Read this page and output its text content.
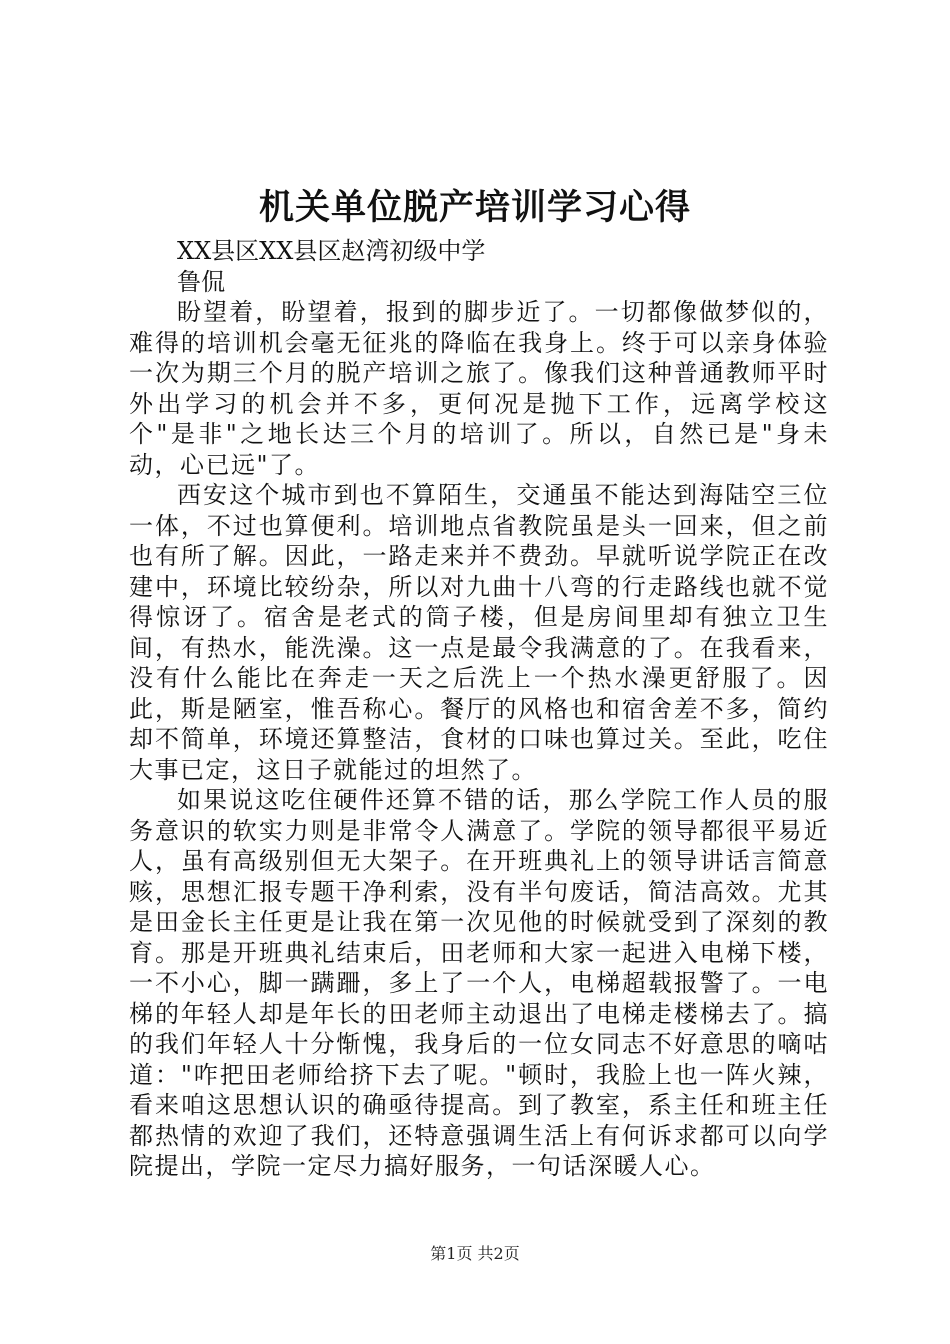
机关单位脱产培训学习心得

XX县区XX县区赵湾初级中学

鲁侃

盼望着，盼望着，报到的脚步近了。一切都像做梦似的，难得的培训机会毫无征兆的降临在我身上。终于可以亲身体验一次为期三个月的脱产培训之旅了。像我们这种普通教师平时外出学习的机会并不多，更何况是抛下工作，远离学校这个"是非"之地长达三个月的培训了。所以，自然已是"身未动，心已远"了。

西安这个城市到也不算陌生，交通虽不能达到海陆空三位一体，不过也算便利。培训地点省教院虽是头一回来，但之前也有所了解。因此，一路走来并不费劲。早就听说学院正在改建中，环境比较纷杂，所以对九曲十八弯的行走路线也就不觉得惊讶了。宿舍是老式的筒子楼，但是房间里却有独立卫生间，有热水，能洗澡。这一点是最令我满意的了。在我看来，没有什么能比在奔走一天之后洗上一个热水澡更舒服了。因此，斯是陋室，惟吾称心。餐厅的风格也和宿舍差不多，简约却不简单，环境还算整洁，食材的口味也算过关。至此，吃住大事已定，这日子就能过的坦然了。

如果说这吃住硬件还算不错的话，那么学院工作人员的服务意识的软实力则是非常令人满意了。学院的领导都很平易近人，虽有高级别但无大架子。在开班典礼上的领导讲话言简意赅，思想汇报专题干净利索，没有半句废话，简洁高效。尤其是田金长主任更是让我在第一次见他的时候就受到了深刻的教育。那是开班典礼结束后，田老师和大家一起进入电梯下楼，一不小心，脚一蹒跚，多上了一个人，电梯超载报警了。一电梯的年轻人却是年长的田老师主动退出了电梯走楼梯去了。搞的我们年轻人十分惭愧，我身后的一位女同志不好意思的嘀咕道："咋把田老师给挤下去了呢。"顿时，我脸上也一阵火辣，看来咱这思想认识的确亟待提高。到了教室，系主任和班主任都热情的欢迎了我们，还特意强调生活上有何诉求都可以向学院提出，学院一定尽力搞好服务，一句话深暖人心。

第1页 共2页
